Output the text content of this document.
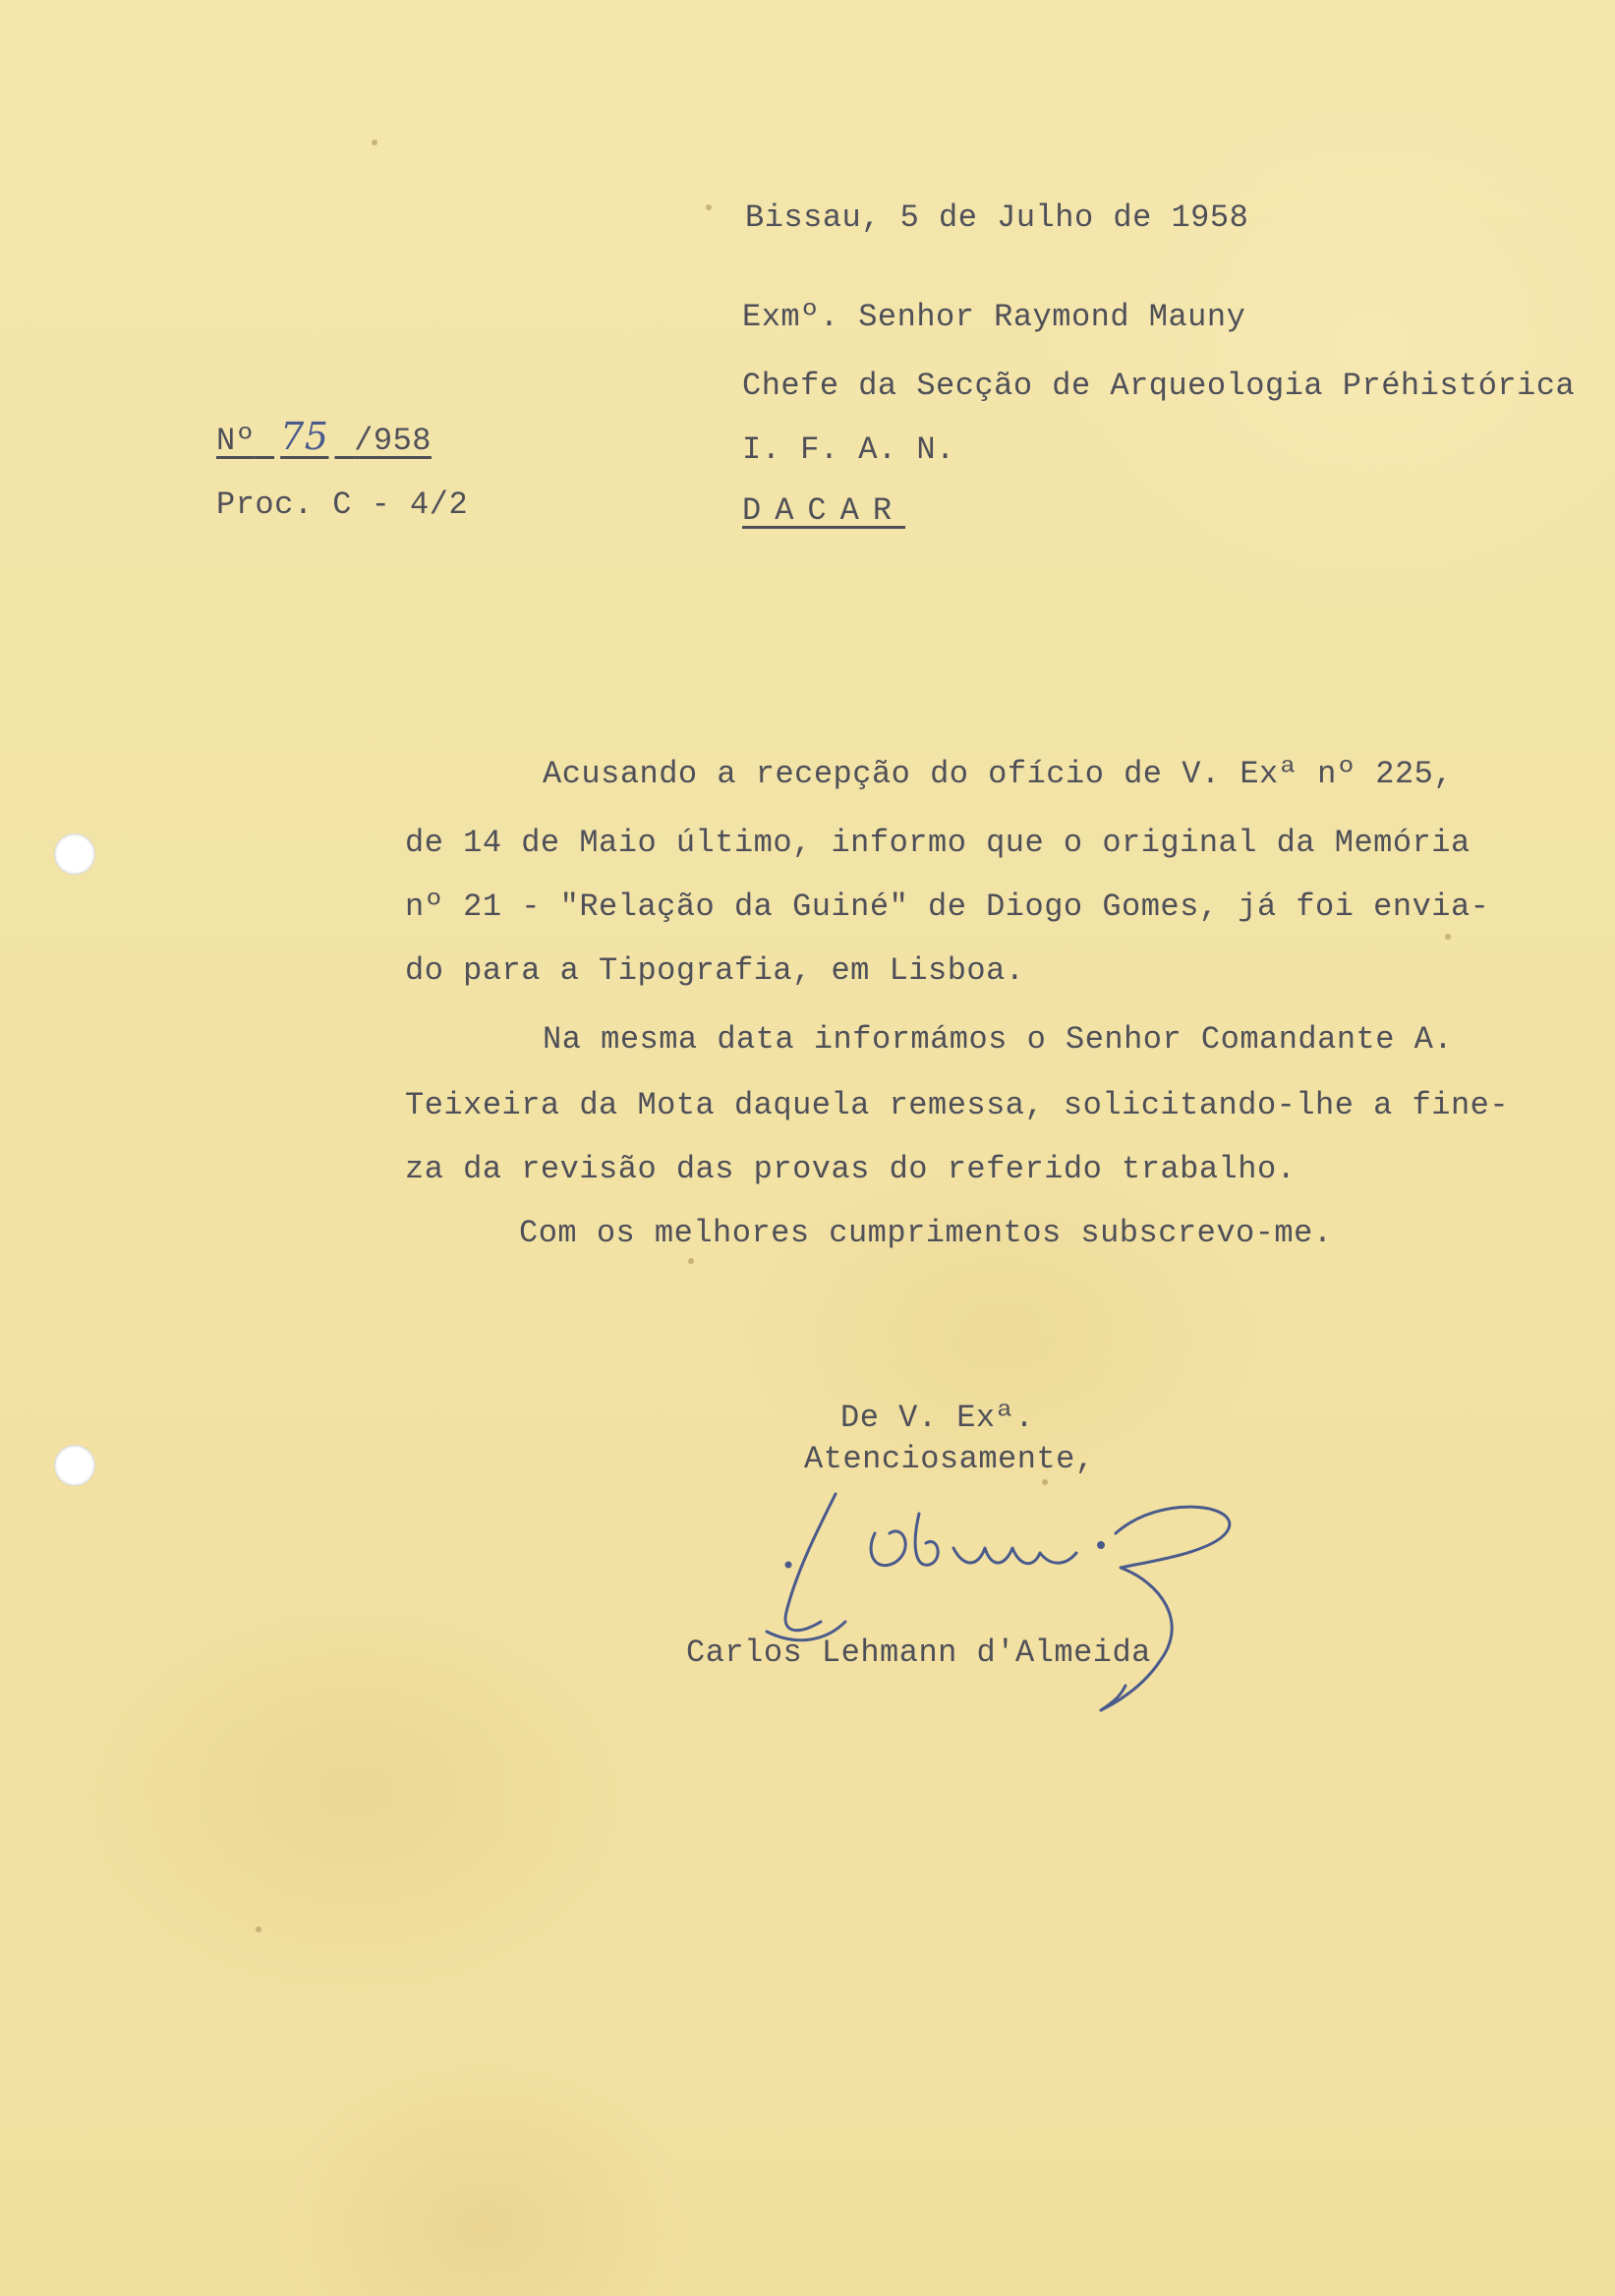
Bissau, 5 de Julho de 1958
Exmº. Senhor Raymond Mauny
Chefe da Secção de Arqueologia Préhistórica
I. F. A. N.
DACAR
Nº 75 /958
Proc. C - 4/2
Acusando a recepção do ofício de V. Exª nº 225,
de 14 de Maio último, informo que o original da Memória
nº 21 - "Relação da Guiné" de Diogo Gomes, já foi envia-
do para a Tipografia, em Lisboa.
Na mesma data informámos o Senhor Comandante A.
Teixeira da Mota daquela remessa, solicitando-lhe a fine-
za da revisão das provas do referido trabalho.
Com os melhores cumprimentos subscrevo-me.
De V. Exª.
Atenciosamente,
Carlos Lehmann d'Almeida
